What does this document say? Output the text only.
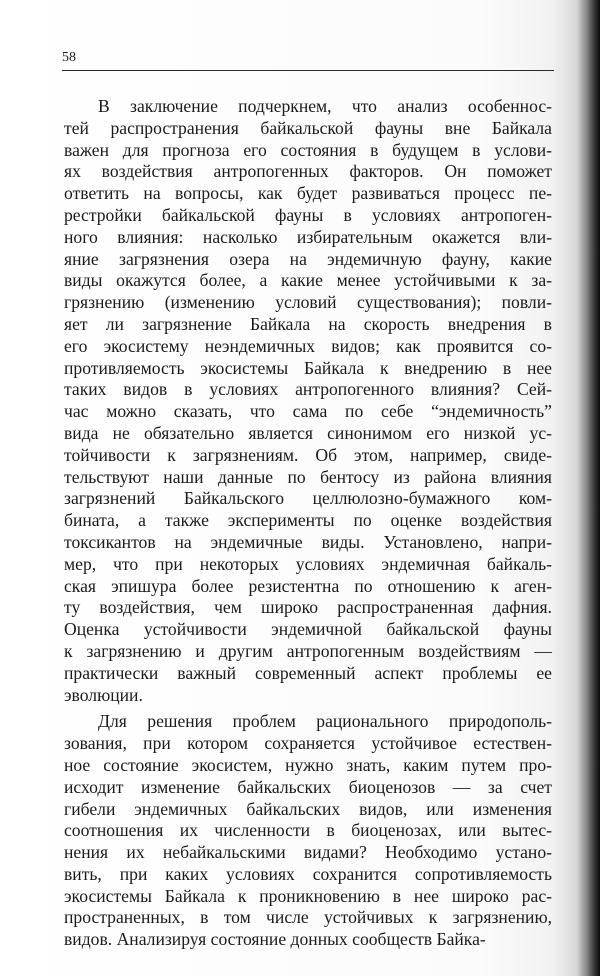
58

В заключение подчеркнем, что анализ особеннос-
тей распространения байкальской фауны вне Байкала
важен для прогноза его состояния в будущем в услови-
ях воздействия антропогенных факторов. Он поможет
ответить на вопросы, как будет развиваться процесс пе-
рестройки байкальской фауны в условиях антропоген-
ного влияния: насколько избирательным окажется вли-
яние загрязнения озера на эндемичную фауну, какие
виды окажутся более, а какие менее устойчивыми к за-
грязнению (изменению условий существования); повли-
яет ли загрязнение Байкала на скорость внедрения в
его экосистему неэндемичных видов; как проявится со-
противляемость экосистемы Байкала к внедрению в нее
таких видов в условиях антропогенного влияния? Сей-
час можно сказать, что сама по себе “эндемичность”
вида не обязательно является синонимом его низкой ус-
тойчивости к загрязнениям. Об этом, например, свиде-
тельствуют наши данные по бентосу из района влияния
загрязнений Байкальского целлюлозно-бумажного ком-
бината, а также эксперименты по оценке воздействия
токсикантов на эндемичные виды. Установлено, напри-
мер, что при некоторых условиях эндемичная байкаль-
ская эпишура более резистентна по отношению к аген-
ту воздействия, чем широко распространенная дафния.
Оценка устойчивости эндемичной байкальской фауны
к загрязнению и другим антропогенным воздействиям —
практически важный современный аспект проблемы ее
эволюции.

Для решения проблем рационального природополь-
зования, при котором сохраняется устойчивое естествен-
ное состояние экосистем, нужно знать, каким путем про-
исходит изменение байкальских биоценозов — за счет
гибели эндемичных байкальских видов, или изменения
соотношения их численности в биоценозах, или вытес-
нения их небайкальскими видами? Необходимо устано-
вить, при каких условиях сохранится сопротивляемость
экосистемы Байкала к проникновению в нее широко рас-
пространенных, в том числе устойчивых к загрязнению,
видов. Анализируя состояние донных сообществ Байка-
